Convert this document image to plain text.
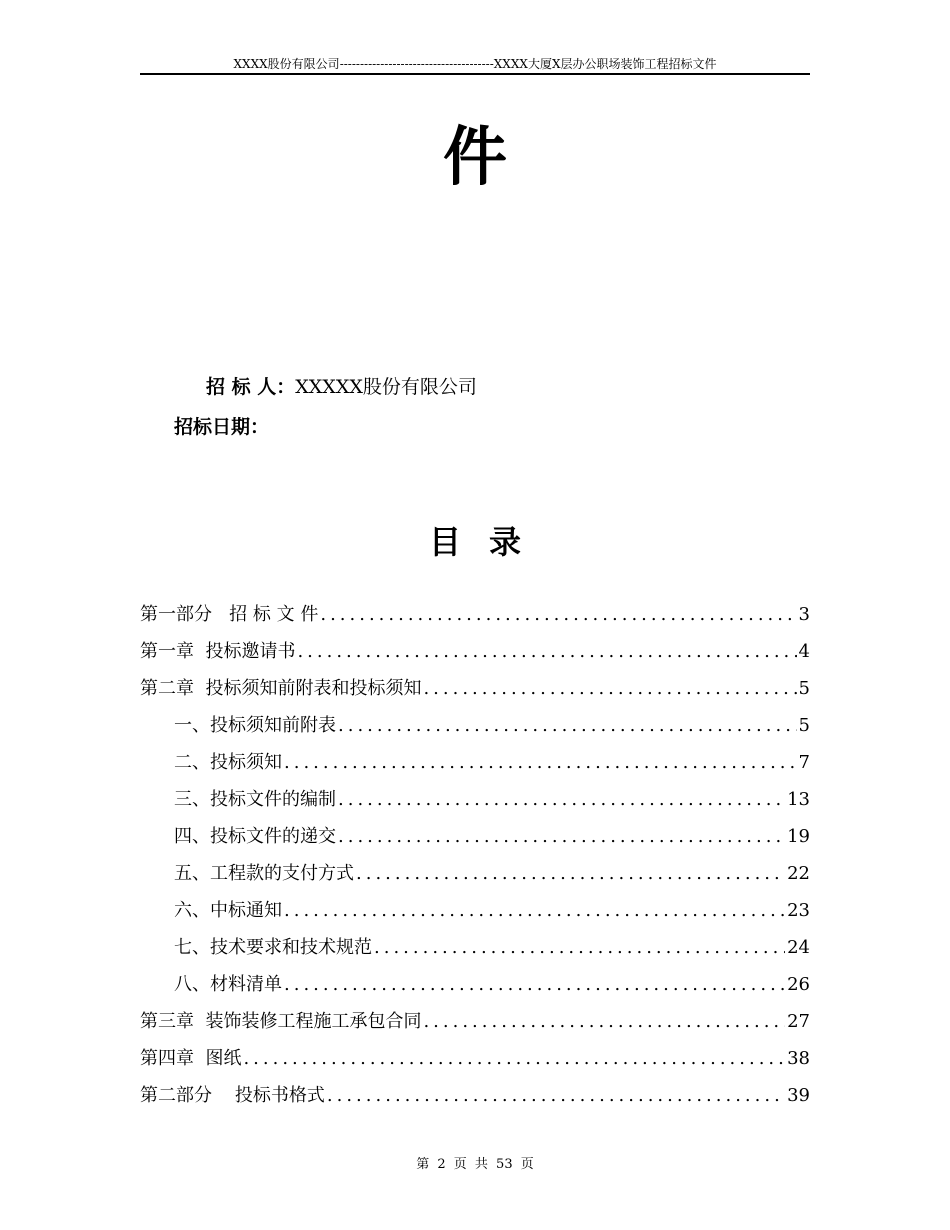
XXXX股份有限公司--------------------------------------XXXX大厦X层办公职场装饰工程招标文件
件
招 标 人：XXXXX股份有限公司
招标日期：
目录
第一部分   招 标 文 件 .....	3
第一章  投标邀请书 .....	4
第二章  投标须知前附表和投标须知 .....	5
一、投标须知前附表 .....	5
二、投标须知 .....	7
三、投标文件的编制 .....	13
四、投标文件的递交 .....	19
五、工程款的支付方式 .....	22
六、中标通知 .....	23
七、技术要求和技术规范 .....	24
八、材料清单 .....	26
第三章  装饰装修工程施工承包合同 .....	27
第四章  图纸 .....	38
第二部分    投标书格式 .....	39
第 2 页 共 53 页
